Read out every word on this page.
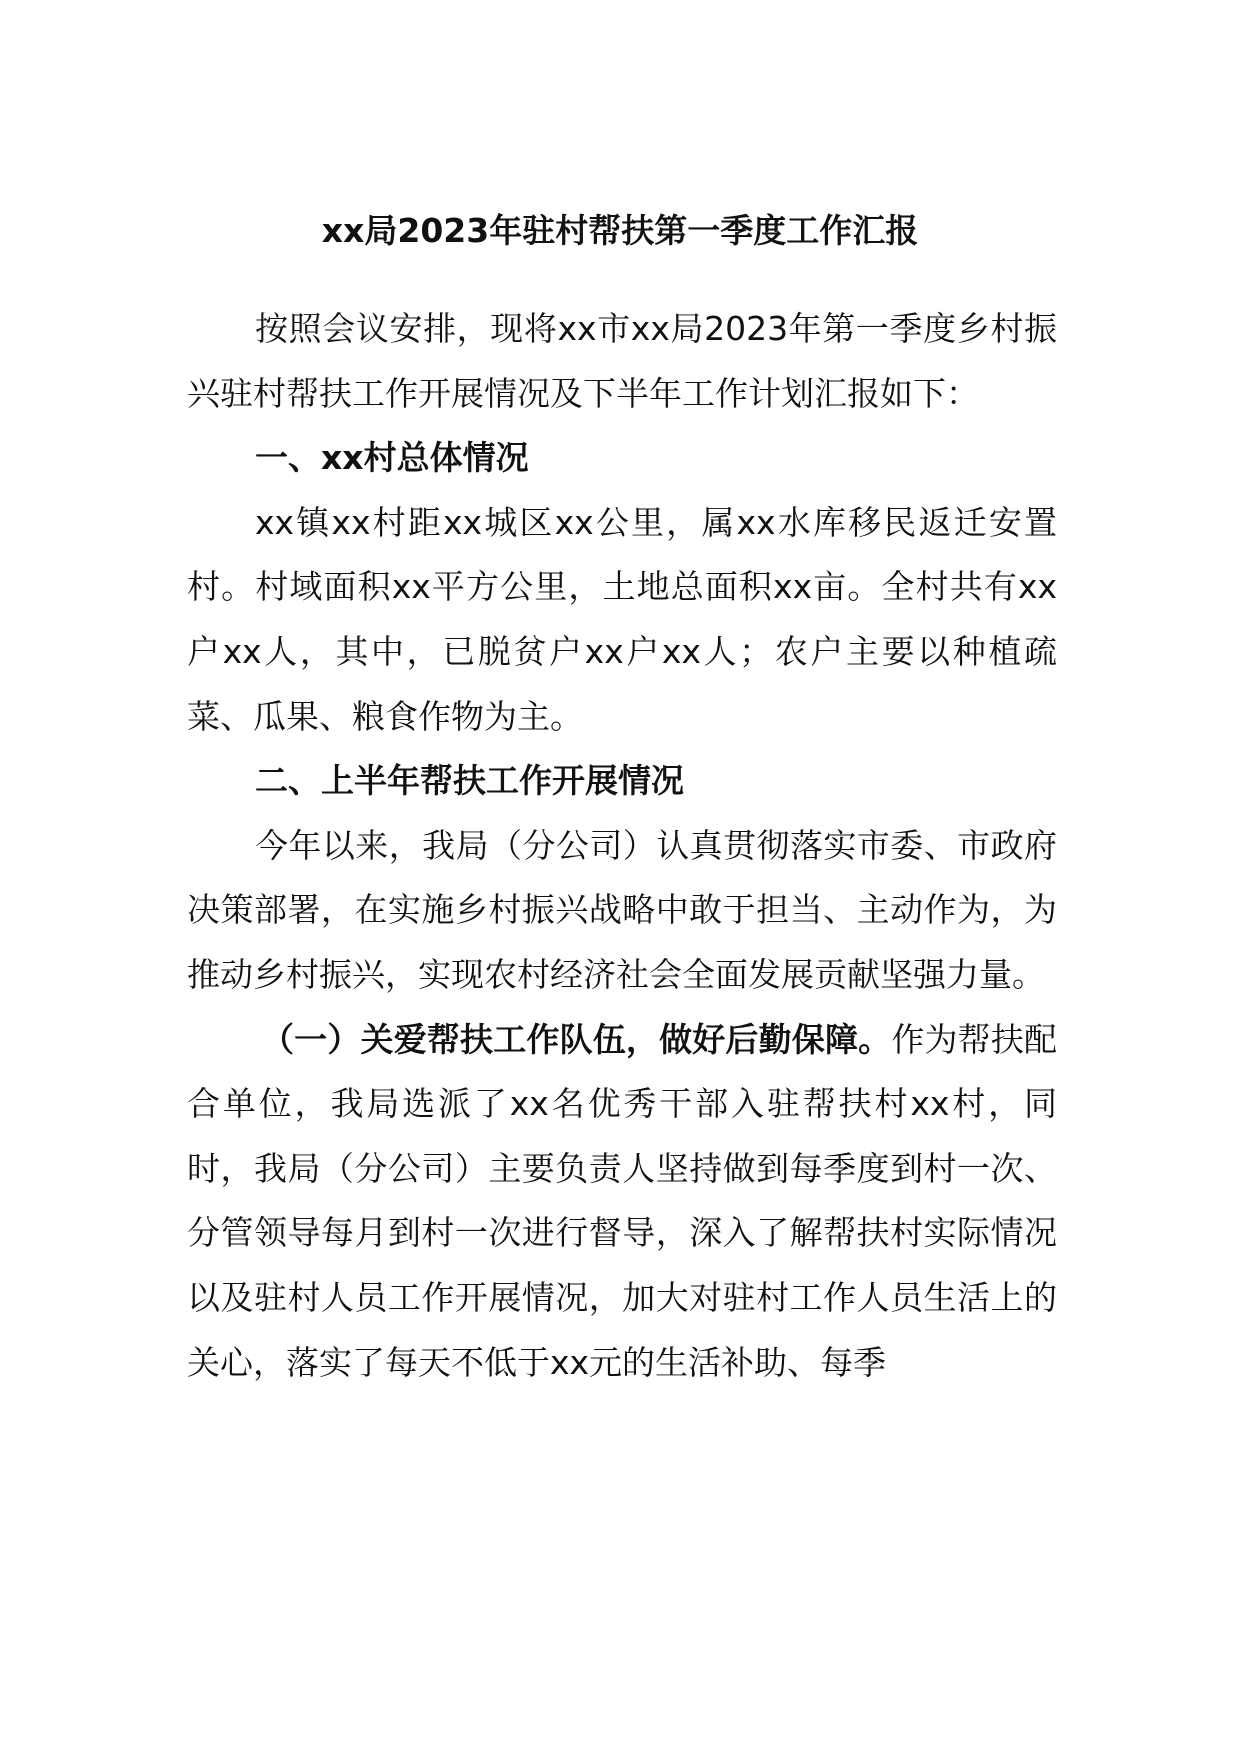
xx局2023年驻村帮扶第一季度工作汇报

按照会议安排，现将xx市xx局2023年第一季度乡村振兴驻村帮扶工作开展情况及下半年工作计划汇报如下：

一、xx村总体情况

xx镇xx村距xx城区xx公里，属xx水库移民返迁安置村。村域面积xx平方公里，土地总面积xx亩。全村共有xx户xx人，其中，已脱贫户xx户xx人；农户主要以种植疏菜、瓜果、粮食作物为主。

二、上半年帮扶工作开展情况

今年以来，我局（分公司）认真贯彻落实市委、市政府决策部署，在实施乡村振兴战略中敢于担当、主动作为，为推动乡村振兴，实现农村经济社会全面发展贡献坚强力量。

（一）关爱帮扶工作队伍，做好后勤保障。作为帮扶配合单位，我局选派了xx名优秀干部入驻帮扶村xx村，同时，我局（分公司）主要负责人坚持做到每季度到村一次、分管领导每月到村一次进行督导，深入了解帮扶村实际情况以及驻村人员工作开展情况，加大对驻村工作人员生活上的关心，落实了每天不低于xx元的生活补助、每季
